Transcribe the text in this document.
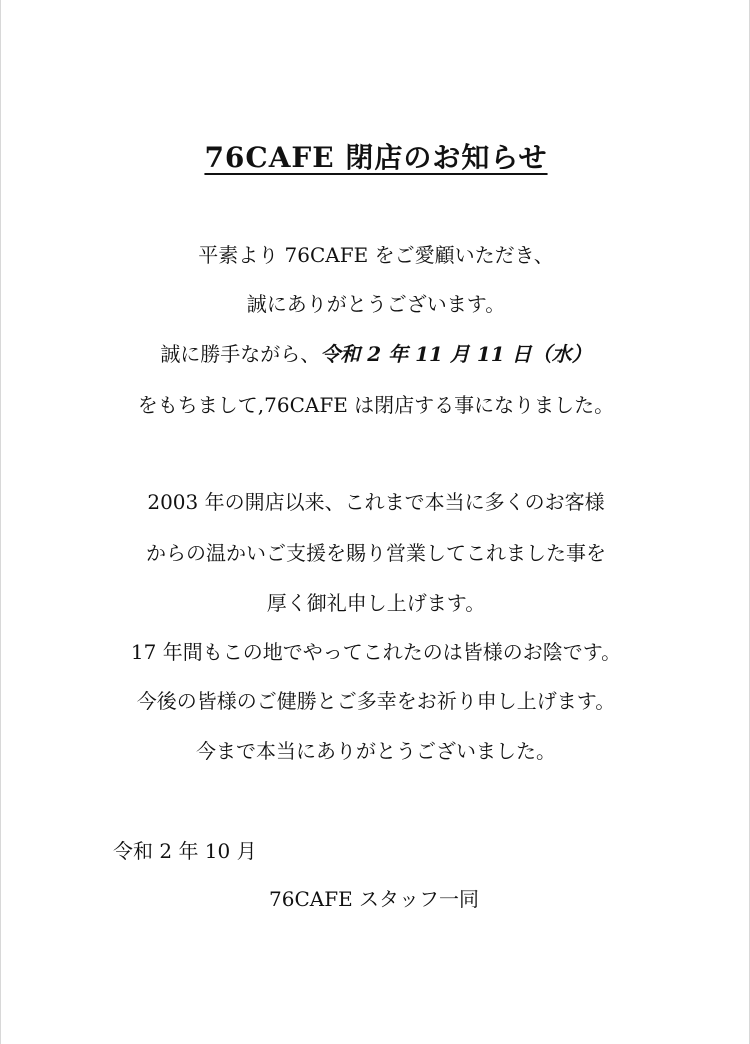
76CAFE 閉店のお知らせ
平素より 76CAFE をご愛顧いただき、
誠にありがとうございます。
誠に勝手ながら、令和 2 年 11 月 11 日（水）
をもちまして,76CAFE は閉店する事になりました。
2003 年の開店以来、これまで本当に多くのお客様
からの温かいご支援を賜り営業してこれました事を
厚く御礼申し上げます。
17 年間もこの地でやってこれたのは皆様のお陰です。
今後の皆様のご健勝とご多幸をお祈り申し上げます。
今まで本当にありがとうございました。
令和 2 年 10 月
76CAFE スタッフ一同
